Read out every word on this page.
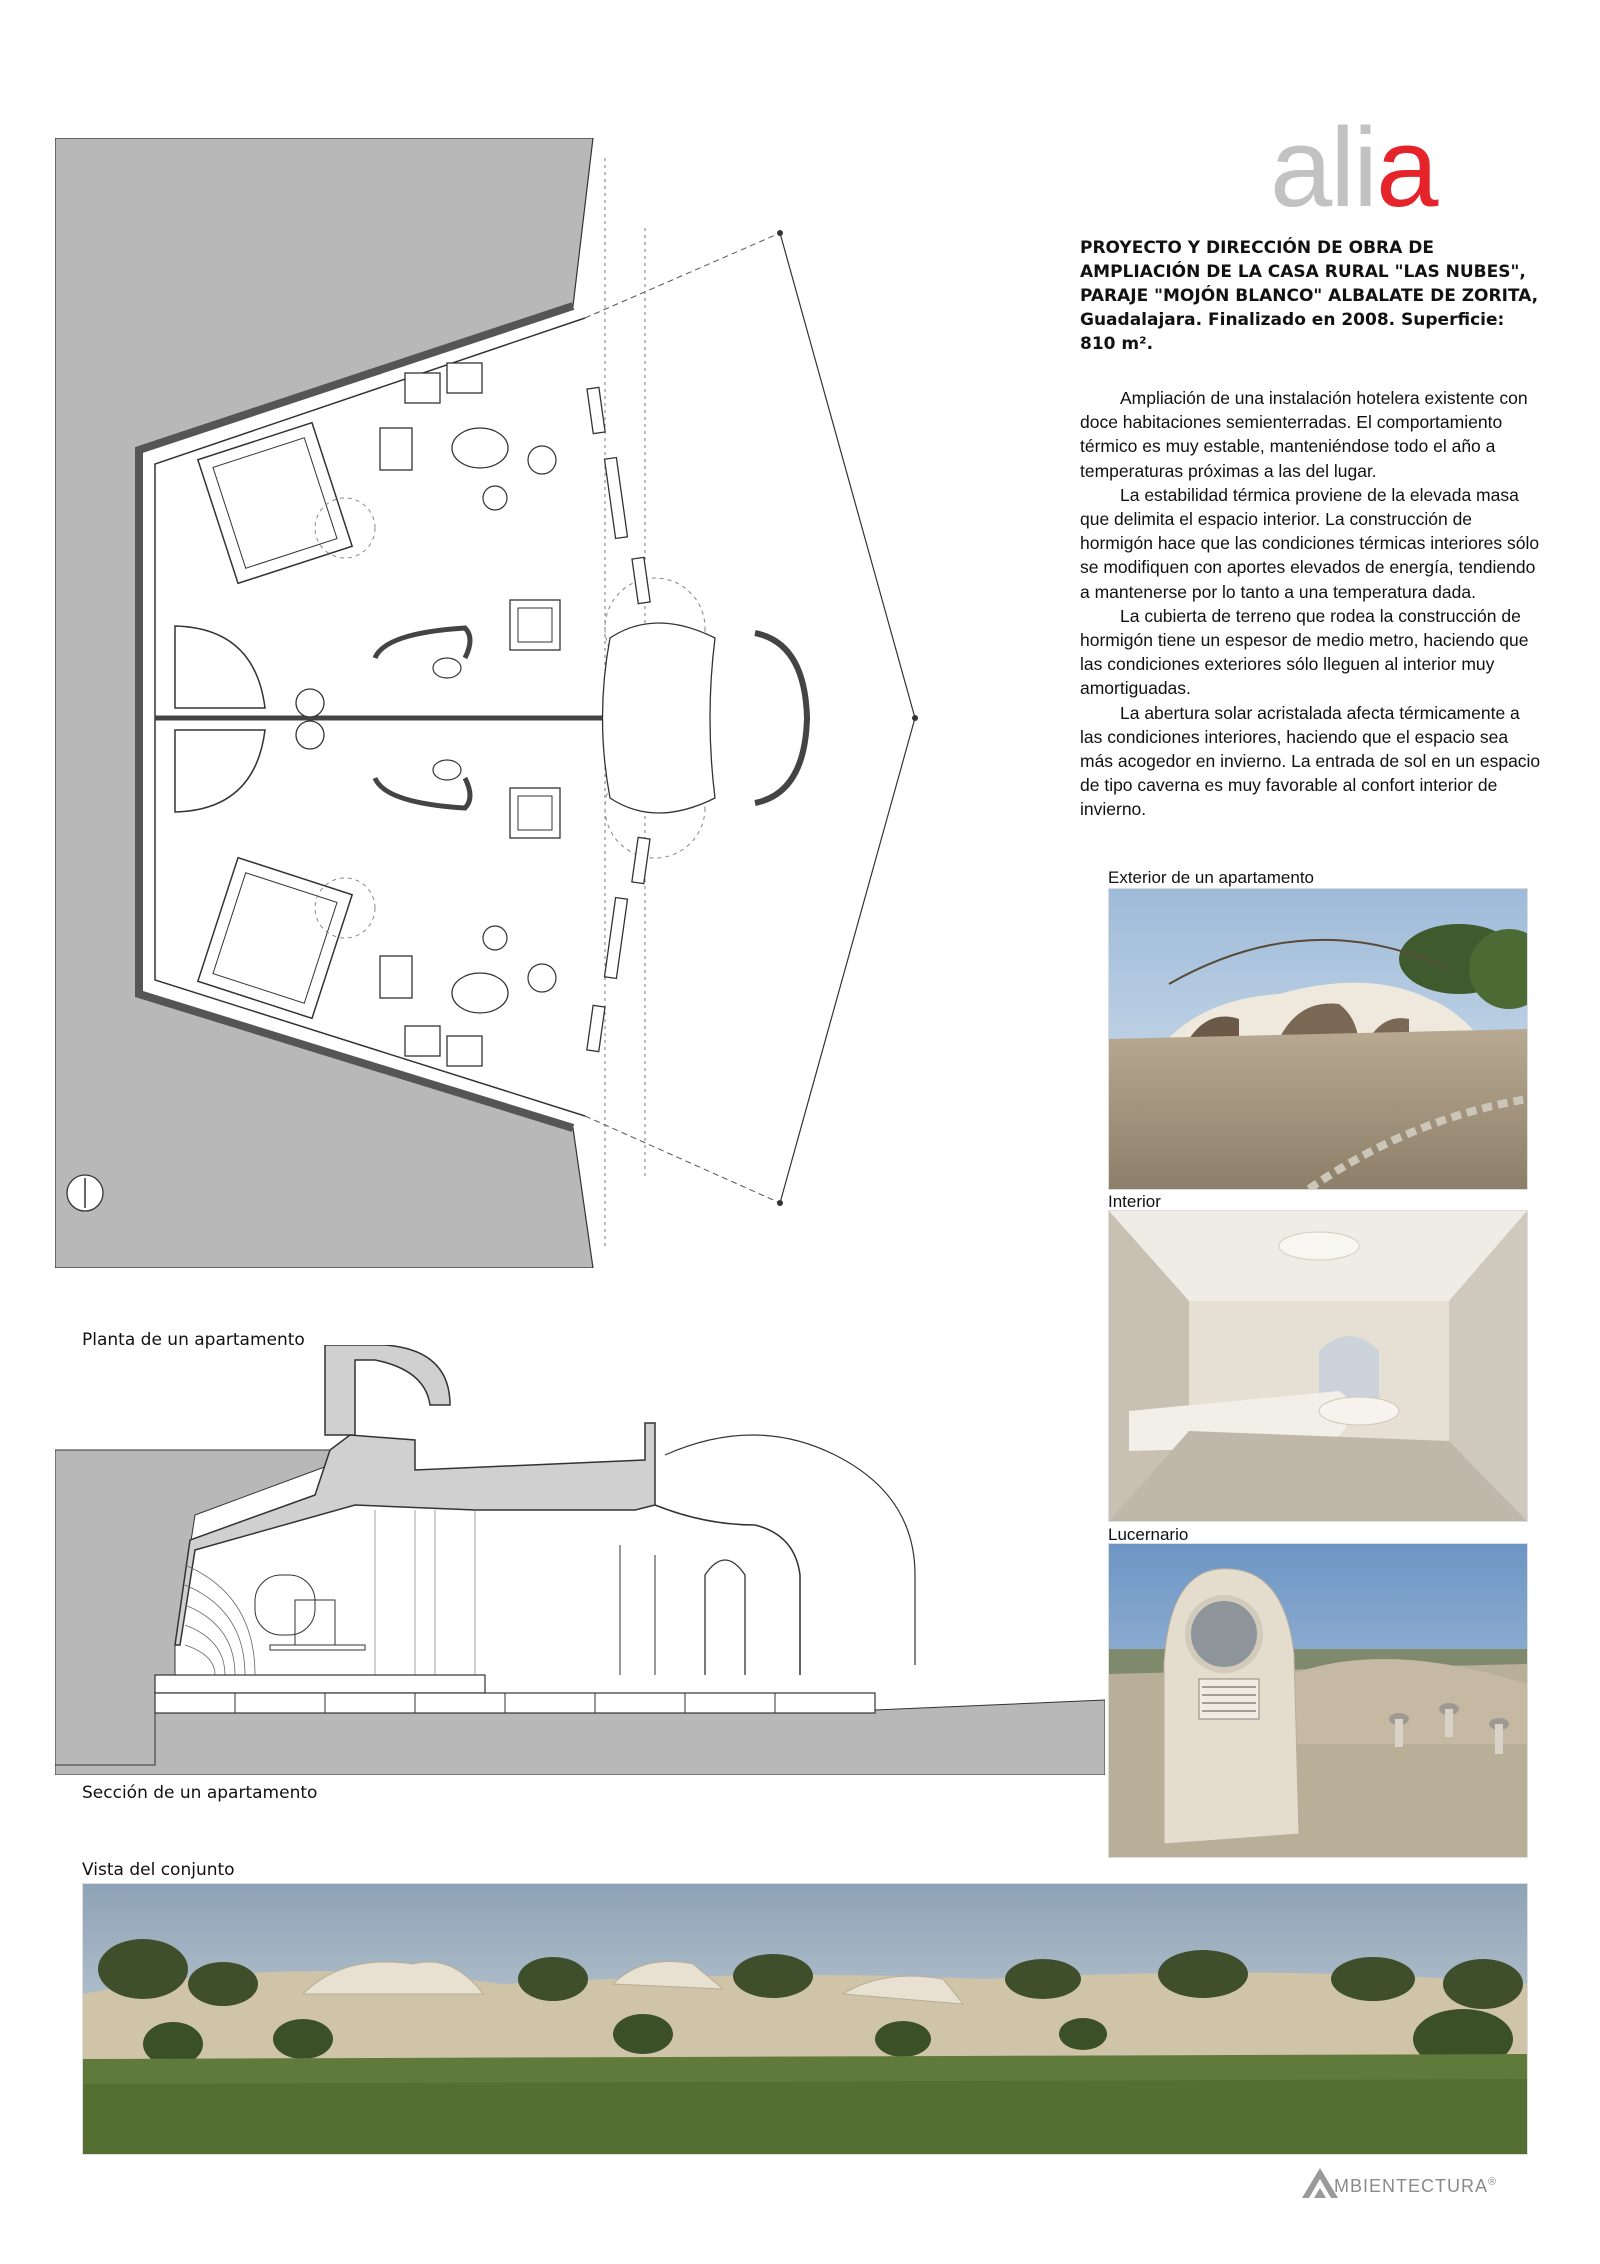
alia
PROYECTO Y DIRECCIÓN DE OBRA DE AMPLIACIÓN DE LA CASA RURAL "LAS NUBES", PARAJE "MOJÓN BLANCO" ALBALATE DE ZORITA, Guadalajara. Finalizado en 2008. Superficie: 810 m².

Ampliación de una instalación hotelera existente con doce habitaciones semienterradas. El comportamiento térmico es muy estable, manteniéndose todo el año a temperaturas próximas a las del lugar.

La estabilidad térmica proviene de la elevada masa que delimita el espacio interior. La construcción de hormigón hace que las condiciones térmicas interiores sólo se modifiquen con aportes elevados de energía, tendiendo a mantenerse por lo tanto a una temperatura dada.

La cubierta de terreno que rodea la construcción de hormigón tiene un espesor de medio metro, haciendo que las condiciones exteriores sólo lleguen al interior muy amortiguadas.

La abertura solar acristalada afecta térmicamente a las condiciones interiores, haciendo que el espacio sea más acogedor en invierno. La entrada de sol en un espacio de tipo caverna es muy favorable al confort interior de invierno.

Planta de un apartamento
Sección de un apartamento
Exterior de un apartamento
Interior
Lucernario
Vista del conjunto
MBIENTECTURA®
